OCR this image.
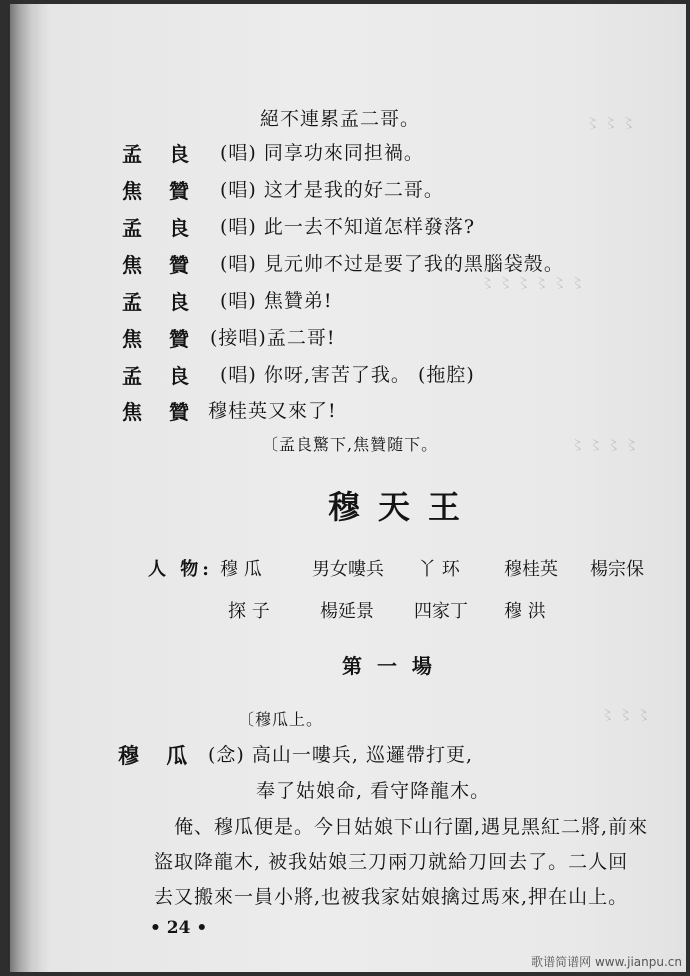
〻〻〻
〻〻〻〻〻〻
〻〻〻〻
〻〻〻
絕不連累孟二哥。
孟 良 (唱) 同享功來同担禍。
焦 贊 (唱) 这才是我的好二哥。
孟 良 (唱) 此一去不知道怎样發落?
焦 贊 (唱) 見元帅不过是要了我的黑腦袋殼。
孟 良 (唱) 焦贊弟!
焦 贊 (接唱)孟二哥!
孟 良 (唱) 你呀,害苦了我。 (拖腔)
焦 贊 穆桂英又來了!
〔孟良驚下,焦贊随下。
穆天王
人 物: 穆 瓜	男女嘍兵 丫 环 穆桂英 楊宗保
探 子	楊延景 四家丁 穆 洪
第 一 場
〔穆瓜上。
穆 瓜 (念) 高山一嘍兵, 巡邏帶打更,
奉了姑娘命, 看守降龍木。
俺、穆瓜便是。今日姑娘下山行圍,遇見黑紅二將,前來
盜取降龍木, 被我姑娘三刀兩刀就給刀回去了。二人回
去又搬來一員小將,也被我家姑娘擒过馬來,押在山上。
• 24 •
歌谱简谱网 www.jianpu.cn
